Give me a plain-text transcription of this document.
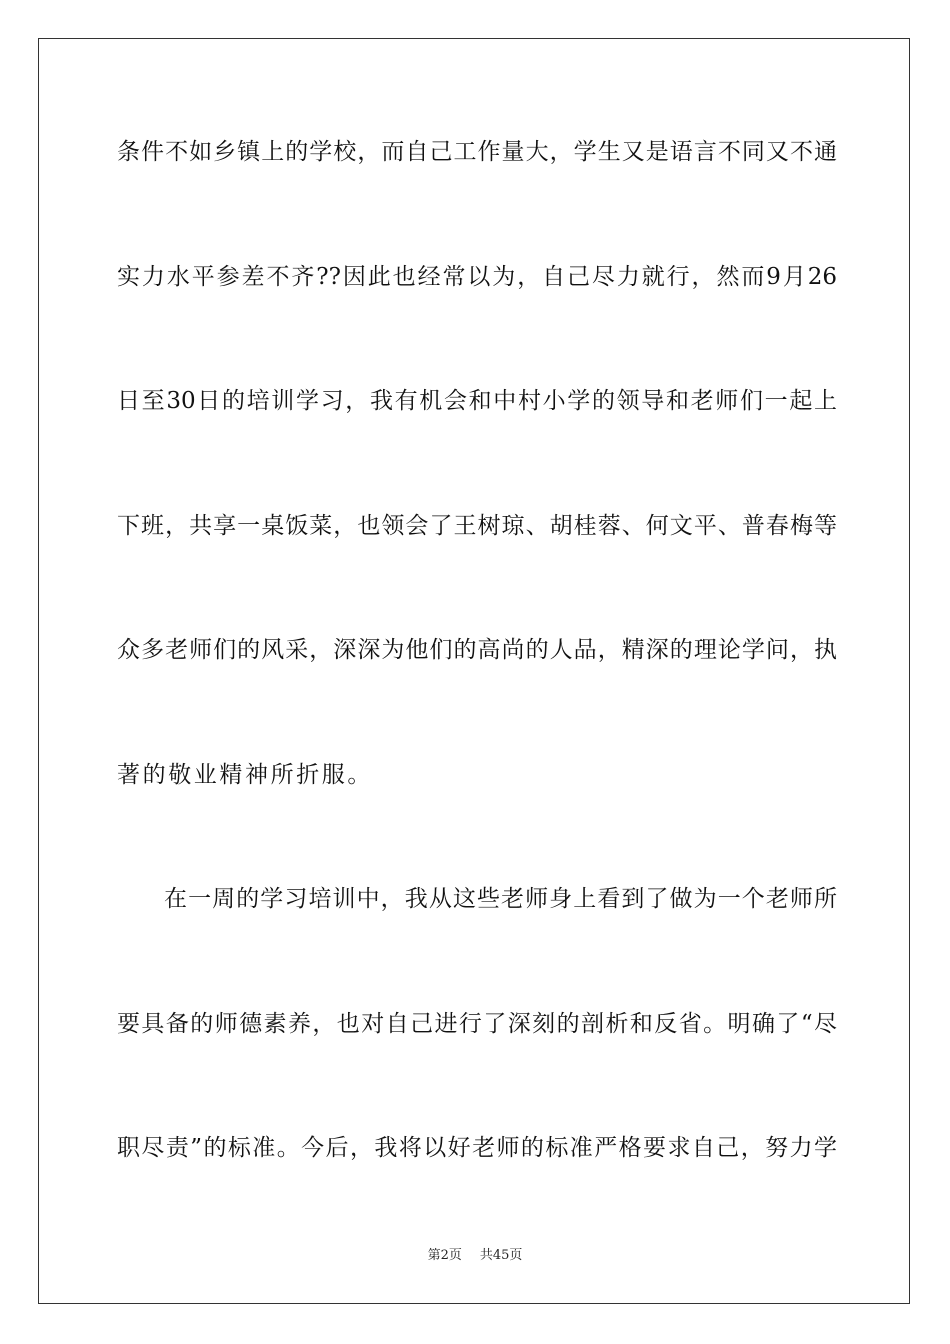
条件不如乡镇上的学校，而自己工作量大，学生又是语言不同又不通
实力水平参差不齐??因此也经常以为，自己尽力就行，然而9月26
日至30日的培训学习，我有机会和中村小学的领导和老师们一起上
下班，共享一桌饭菜，也领会了王树琼、胡桂蓉、何文平、普春梅等
众多老师们的风采，深深为他们的高尚的人品，精深的理论学问，执
著的敬业精神所折服。
在一周的学习培训中，我从这些老师身上看到了做为一个老师所
要具备的师德素养，也对自己进行了深刻的剖析和反省。明确了“尽
职尽责”的标准。今后，我将以好老师的标准严格要求自己，努力学
第2页 共45页
